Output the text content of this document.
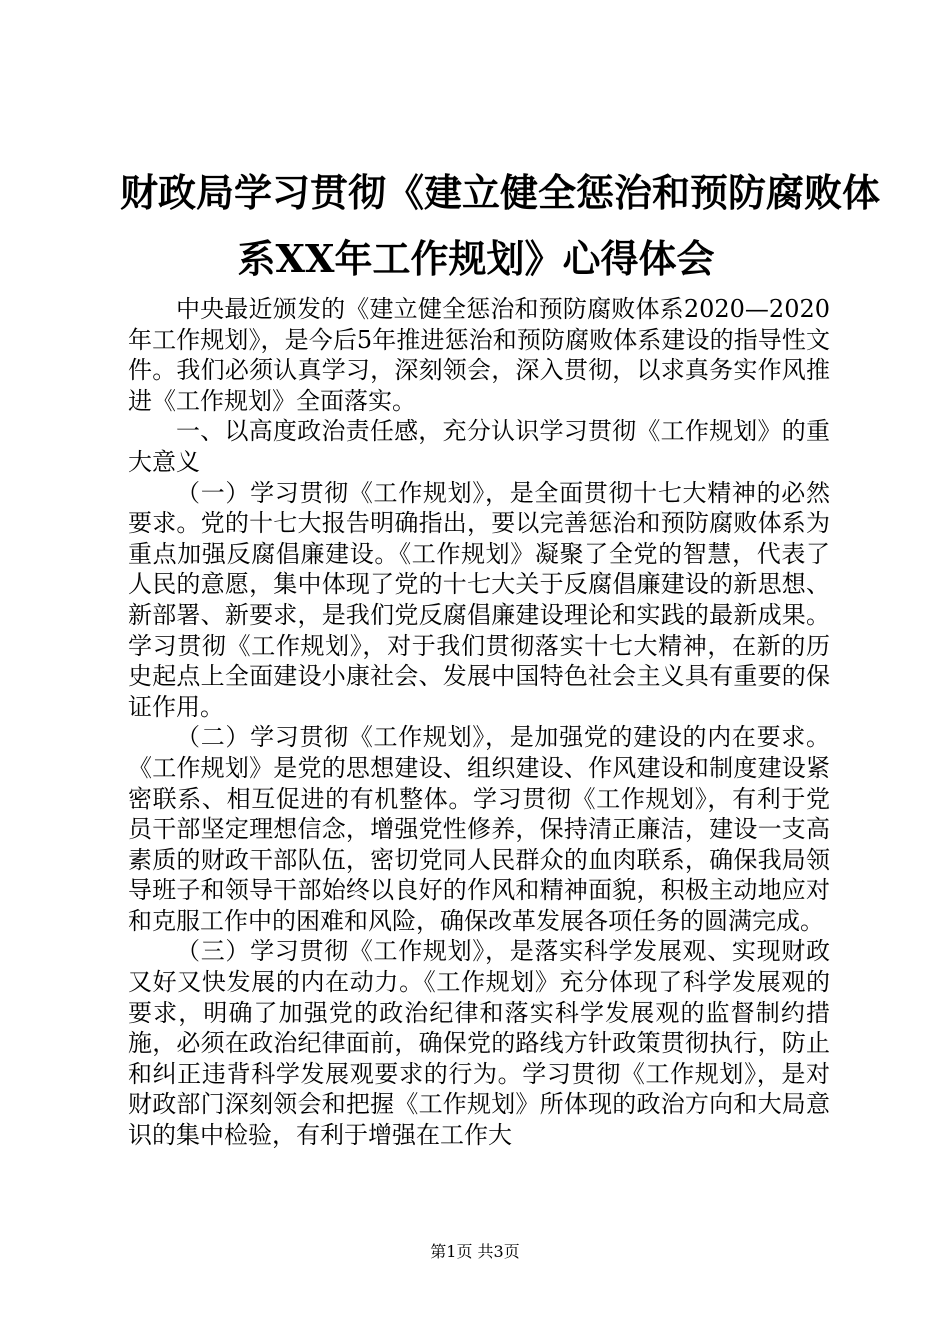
财政局学习贯彻《建立健全惩治和预防腐败体
系XX年工作规划》心得体会

中央最近颁发的《建立健全惩治和预防腐败体系2020—2020年工作规划》，是今后5年推进惩治和预防腐败体系建设的指导性文件。我们必须认真学习，深刻领会，深入贯彻，以求真务实作风推进《工作规划》全面落实。

一、以高度政治责任感，充分认识学习贯彻《工作规划》的重大意义

（一）学习贯彻《工作规划》，是全面贯彻十七大精神的必然要求。党的十七大报告明确指出，要以完善惩治和预防腐败体系为重点加强反腐倡廉建设。《工作规划》凝聚了全党的智慧，代表了人民的意愿，集中体现了党的十七大关于反腐倡廉建设的新思想、新部署、新要求，是我们党反腐倡廉建设理论和实践的最新成果。学习贯彻《工作规划》，对于我们贯彻落实十七大精神，在新的历史起点上全面建设小康社会、发展中国特色社会主义具有重要的保证作用。

（二）学习贯彻《工作规划》，是加强党的建设的内在要求。《工作规划》是党的思想建设、组织建设、作风建设和制度建设紧密联系、相互促进的有机整体。学习贯彻《工作规划》，有利于党员干部坚定理想信念，增强党性修养，保持清正廉洁，建设一支高素质的财政干部队伍，密切党同人民群众的血肉联系，确保我局领导班子和领导干部始终以良好的作风和精神面貌，积极主动地应对和克服工作中的困难和风险，确保改革发展各项任务的圆满完成。

（三）学习贯彻《工作规划》，是落实科学发展观、实现财政又好又快发展的内在动力。《工作规划》充分体现了科学发展观的要求，明确了加强党的政治纪律和落实科学发展观的监督制约措施，必须在政治纪律面前，确保党的路线方针政策贯彻执行，防止和纠正违背科学发展观要求的行为。学习贯彻《工作规划》，是对财政部门深刻领会和把握《工作规划》所体现的政治方向和大局意识的集中检验，有利于增强在工作大

第1页 共3页
